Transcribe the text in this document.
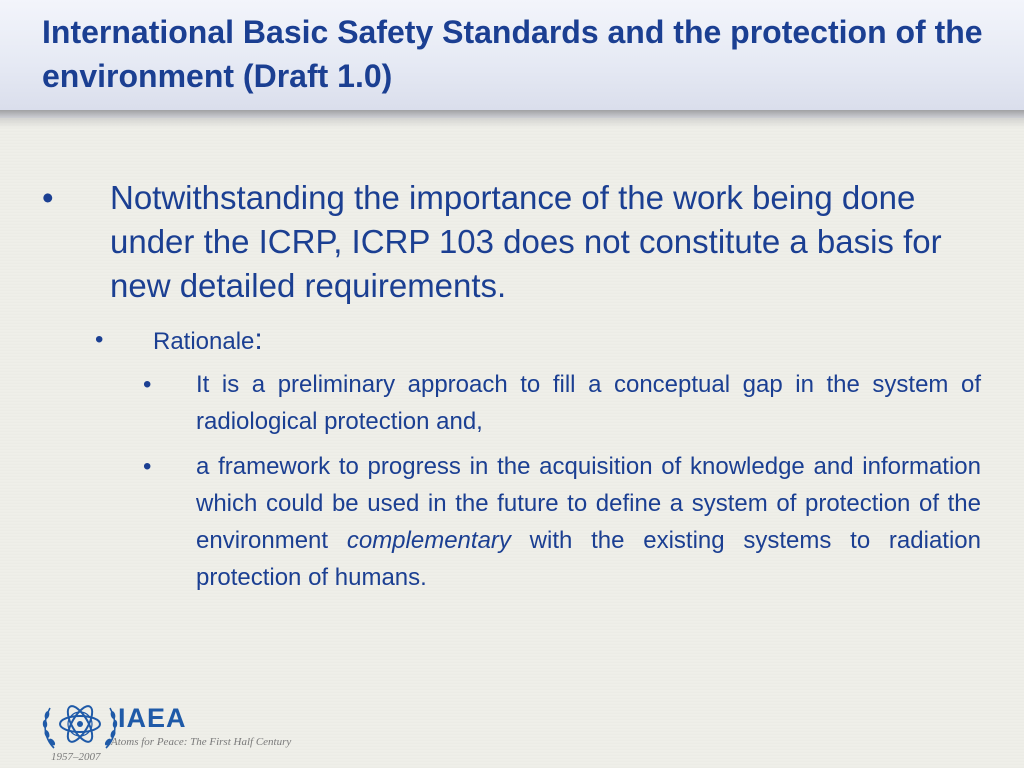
International Basic Safety Standards and the protection of the environment (Draft 1.0)
• Notwithstanding the importance of the work being done under the ICRP, ICRP 103 does not constitute a basis for new detailed requirements.
• Rationale:
• It is a preliminary approach to fill a conceptual gap in the system of radiological protection and,
• a framework to progress in the acquisition of knowledge and information which could be used in the future to define a system of protection of the environment complementary with the existing systems to radiation protection of humans.
IAEA
Atoms for Peace: The First Half Century
1957–2007
